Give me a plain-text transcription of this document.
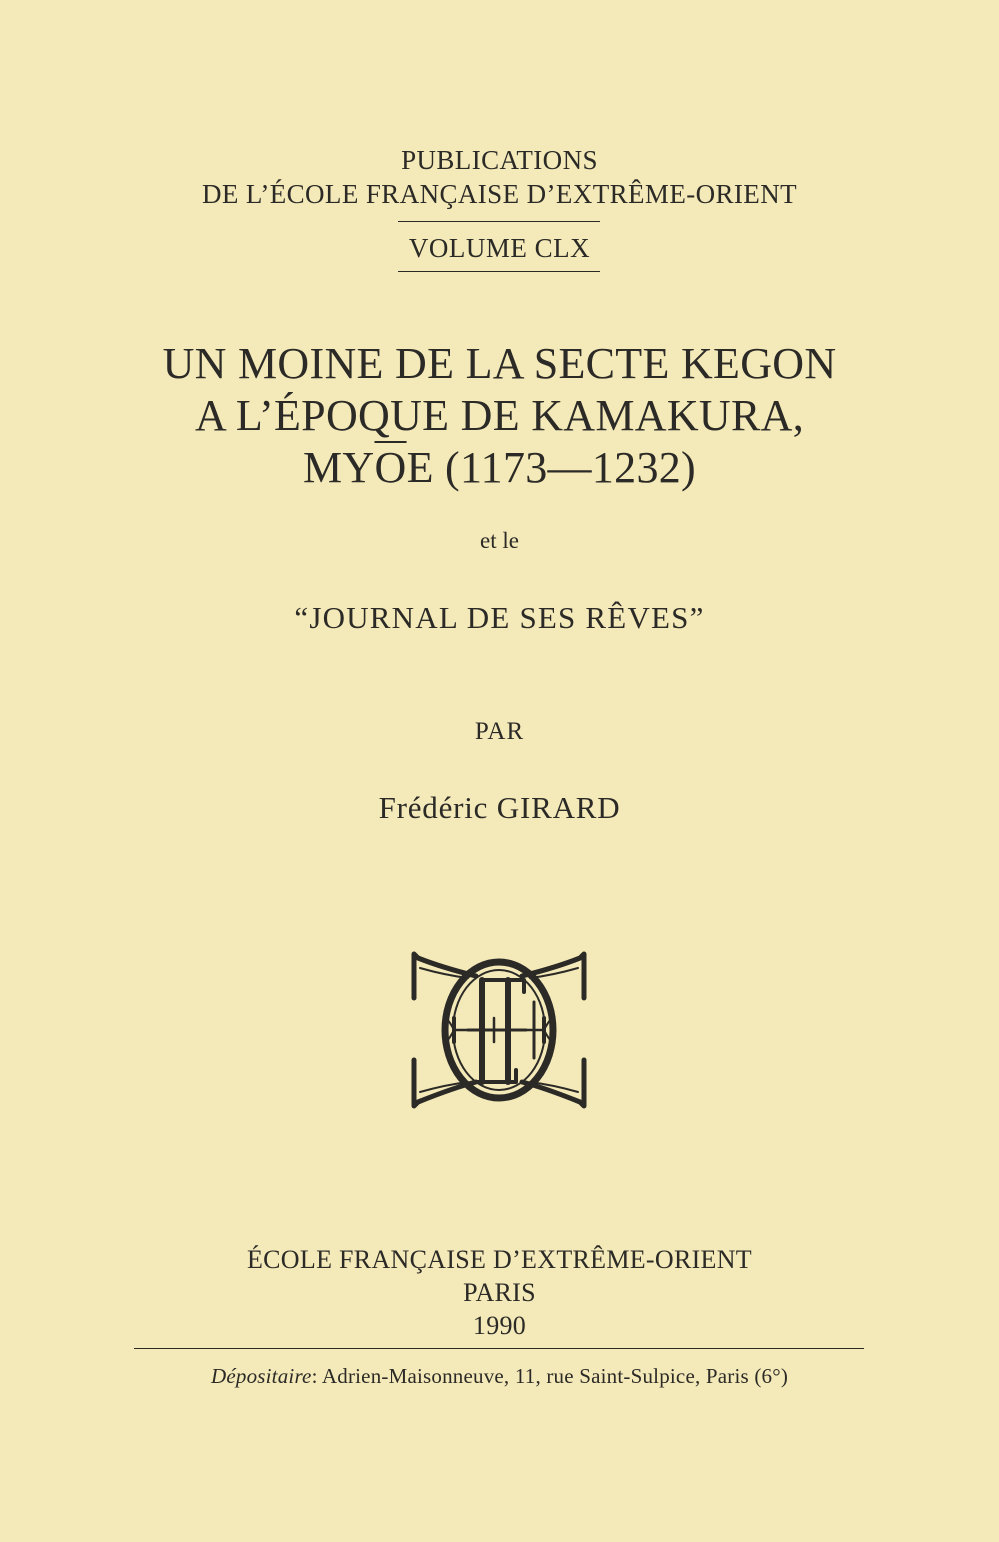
PUBLICATIONS
DE L’ÉCOLE FRANÇAISE D’EXTRÊME-ORIENT
VOLUME CLX
UN MOINE DE LA SECTE KEGON
A L’ÉPOQUE DE KAMAKURA,
$MY\overline{O}E$ (1173—1232)
et le
“JOURNAL DE SES RÊVES”
PAR
Frédéric GIRARD
ÉCOLE FRANÇAISE D’EXTRÊME-ORIENT
PARIS
1990
Dépositaire: Adrien-Maisonneuve, 11, rue Saint-Sulpice, Paris (6°)
